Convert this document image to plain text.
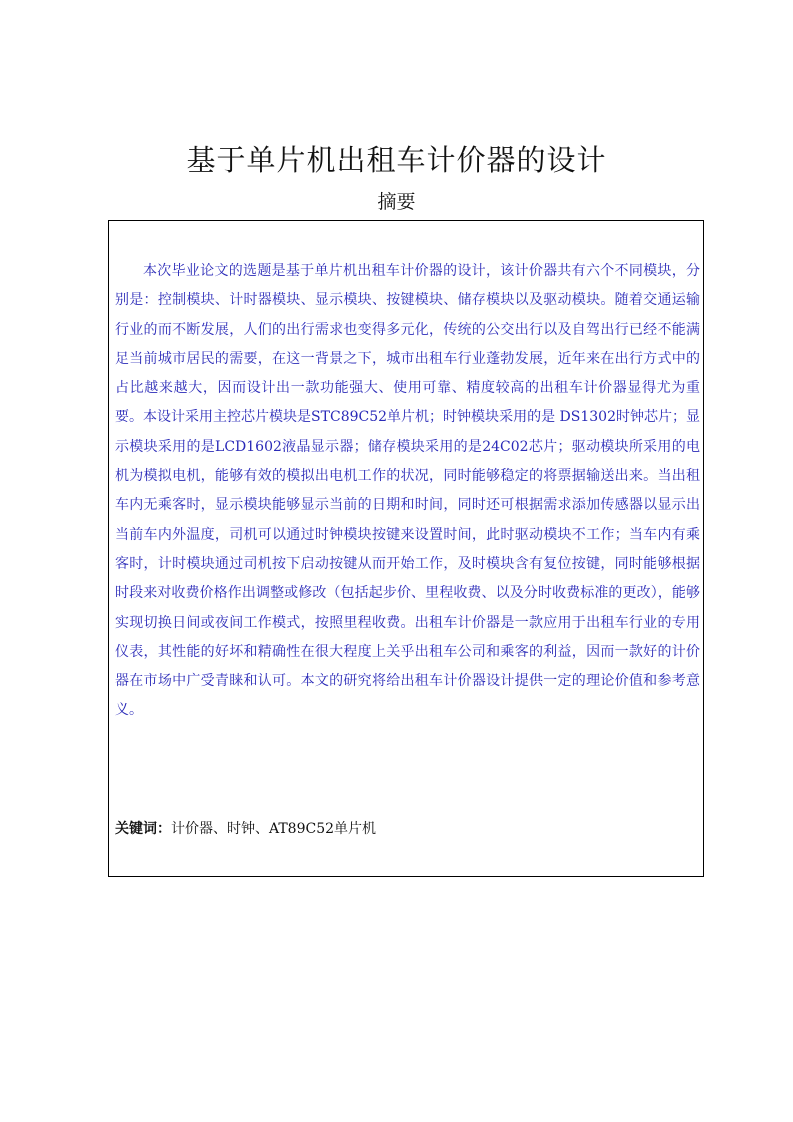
基于单片机出租车计价器的设计
摘要

本次毕业论文的选题是基于单片机出租车计价器的设计，该计价器共有六个不同模块，分别是：控制模块、计时器模块、显示模块、按键模块、储存模块以及驱动模块。随着交通运输行业的而不断发展，人们的出行需求也变得多元化，传统的公交出行以及自驾出行已经不能满足当前城市居民的需要，在这一背景之下，城市出租车行业蓬勃发展，近年来在出行方式中的占比越来越大，因而设计出一款功能强大、使用可靠、精度较高的出租车计价器显得尤为重要。本设计采用主控芯片模块是STC89C52单片机；时钟模块采用的是 DS1302时钟芯片；显示模块采用的是LCD1602液晶显示器；储存模块采用的是24C02芯片；驱动模块所采用的电机为模拟电机，能够有效的模拟出电机工作的状况，同时能够稳定的将票据输送出来。当出租车内无乘客时，显示模块能够显示当前的日期和时间，同时还可根据需求添加传感器以显示出当前车内外温度，司机可以通过时钟模块按键来设置时间，此时驱动模块不工作；当车内有乘客时，计时模块通过司机按下启动按键从而开始工作，及时模块含有复位按键，同时能够根据时段来对收费价格作出调整或修改（包括起步价、里程收费、以及分时收费标准的更改），能够实现切换日间或夜间工作模式，按照里程收费。出租车计价器是一款应用于出租车行业的专用仪表，其性能的好坏和精确性在很大程度上关乎出租车公司和乘客的利益，因而一款好的计价器在市场中广受青睐和认可。本文的研究将给出租车计价器设计提供一定的理论价值和参考意义。

关键词：计价器、时钟、AT89C52单片机
